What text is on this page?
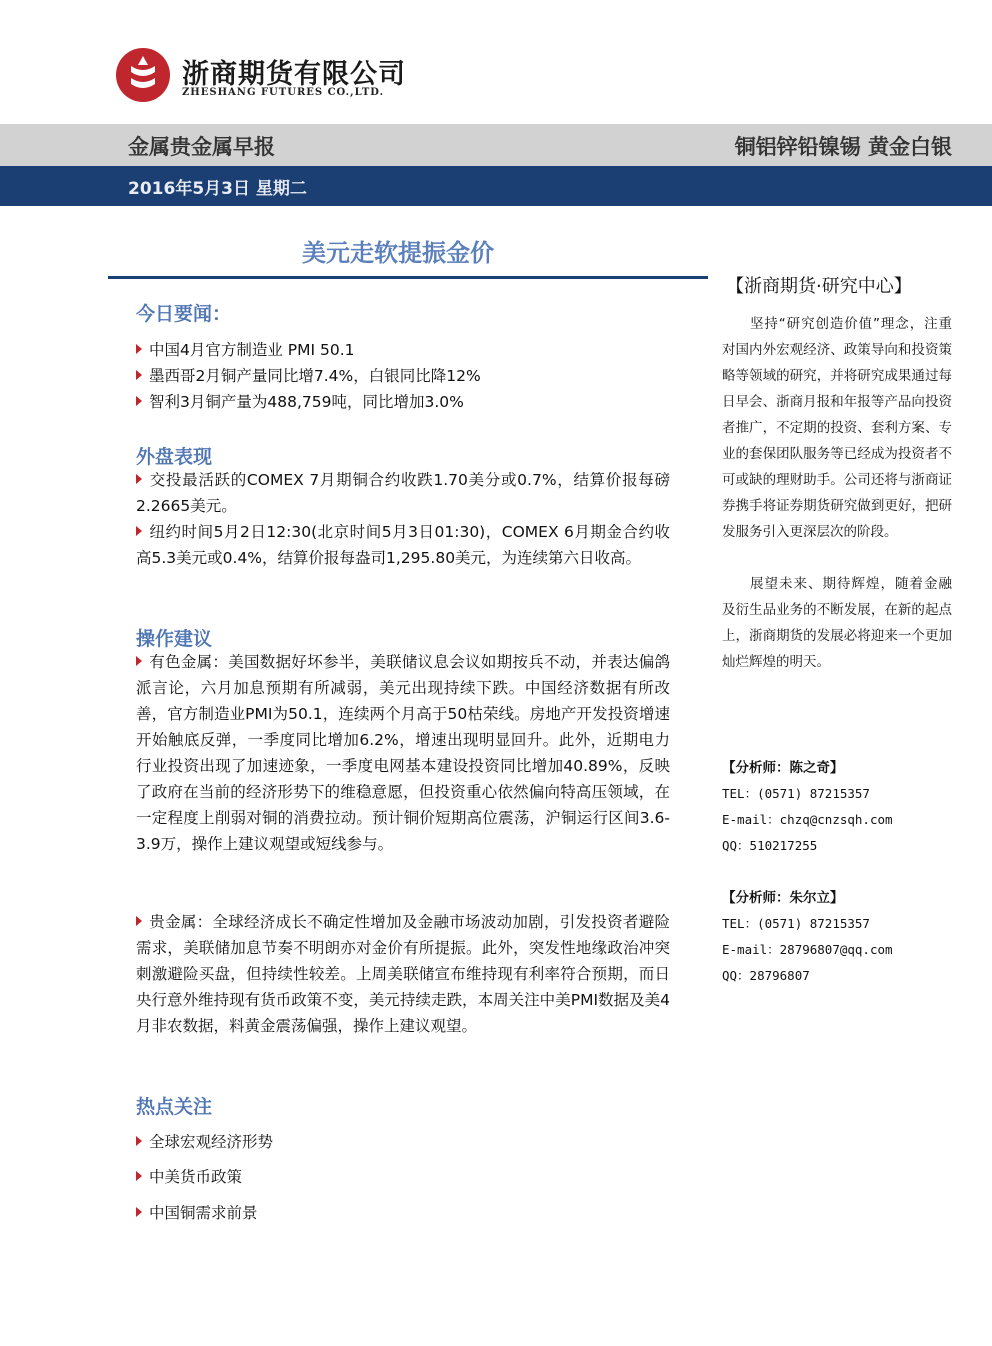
浙商期货有限公司
ZHESHANG FUTURES CO.,LTD.
金属贵金属早报	铜铝锌铅镍锡 黄金白银
2016年5月3日 星期二
美元走软提振金价
今日要闻：
中国4月官方制造业 PMI 50.1
墨西哥2月铜产量同比增7.4%，白银同比降12%
智利3月铜产量为488,759吨，同比增加3.0%
外盘表现
交投最活跃的COMEX 7月期铜合约收跌1.70美分或0.7%，结算价报每磅2.2665美元。
纽约时间5月2日12:30(北京时间5月3日01:30)，COMEX 6月期金合约收高5.3美元或0.4%，结算价报每盎司1,295.80美元，为连续第六日收高。
操作建议
有色金属：美国数据好坏参半，美联储议息会议如期按兵不动，并表达偏鸽派言论，六月加息预期有所减弱，美元出现持续下跌。中国经济数据有所改善，官方制造业PMI为50.1，连续两个月高于50枯荣线。房地产开发投资增速开始触底反弹，一季度同比增加6.2%，增速出现明显回升。此外，近期电力行业投资出现了加速迹象，一季度电网基本建设投资同比增加40.89%，反映了政府在当前的经济形势下的维稳意愿，但投资重心依然偏向特高压领域，在一定程度上削弱对铜的消费拉动。预计铜价短期高位震荡，沪铜运行区间3.6-3.9万，操作上建议观望或短线参与。
贵金属：全球经济成长不确定性增加及金融市场波动加剧，引发投资者避险需求，美联储加息节奏不明朗亦对金价有所提振。此外，突发性地缘政治冲突刺激避险买盘，但持续性较差。上周美联储宣布维持现有利率符合预期，而日央行意外维持现有货币政策不变，美元持续走跌，本周关注中美PMI数据及美4月非农数据，料黄金震荡偏强，操作上建议观望。
热点关注
全球宏观经济形势
中美货币政策
中国铜需求前景
【浙商期货·研究中心】
坚持“研究创造价值”理念，注重对国内外宏观经济、政策导向和投资策略等领域的研究，并将研究成果通过每日早会、浙商月报和年报等产品向投资者推广，不定期的投资、套利方案、专业的套保团队服务等已经成为投资者不可或缺的理财助手。公司还将与浙商证券携手将证券期货研究做到更好，把研发服务引入更深层次的阶段。
展望未来、期待辉煌，随着金融及衍生品业务的不断发展，在新的起点上，浙商期货的发展必将迎来一个更加灿烂辉煌的明天。
【分析师：陈之奇】
TEL：(0571) 87215357
E-mail：chzq@cnzsqh.com
QQ：510217255
【分析师：朱尔立】
TEL：(0571) 87215357
E-mail：28796807@qq.com
QQ：28796807
